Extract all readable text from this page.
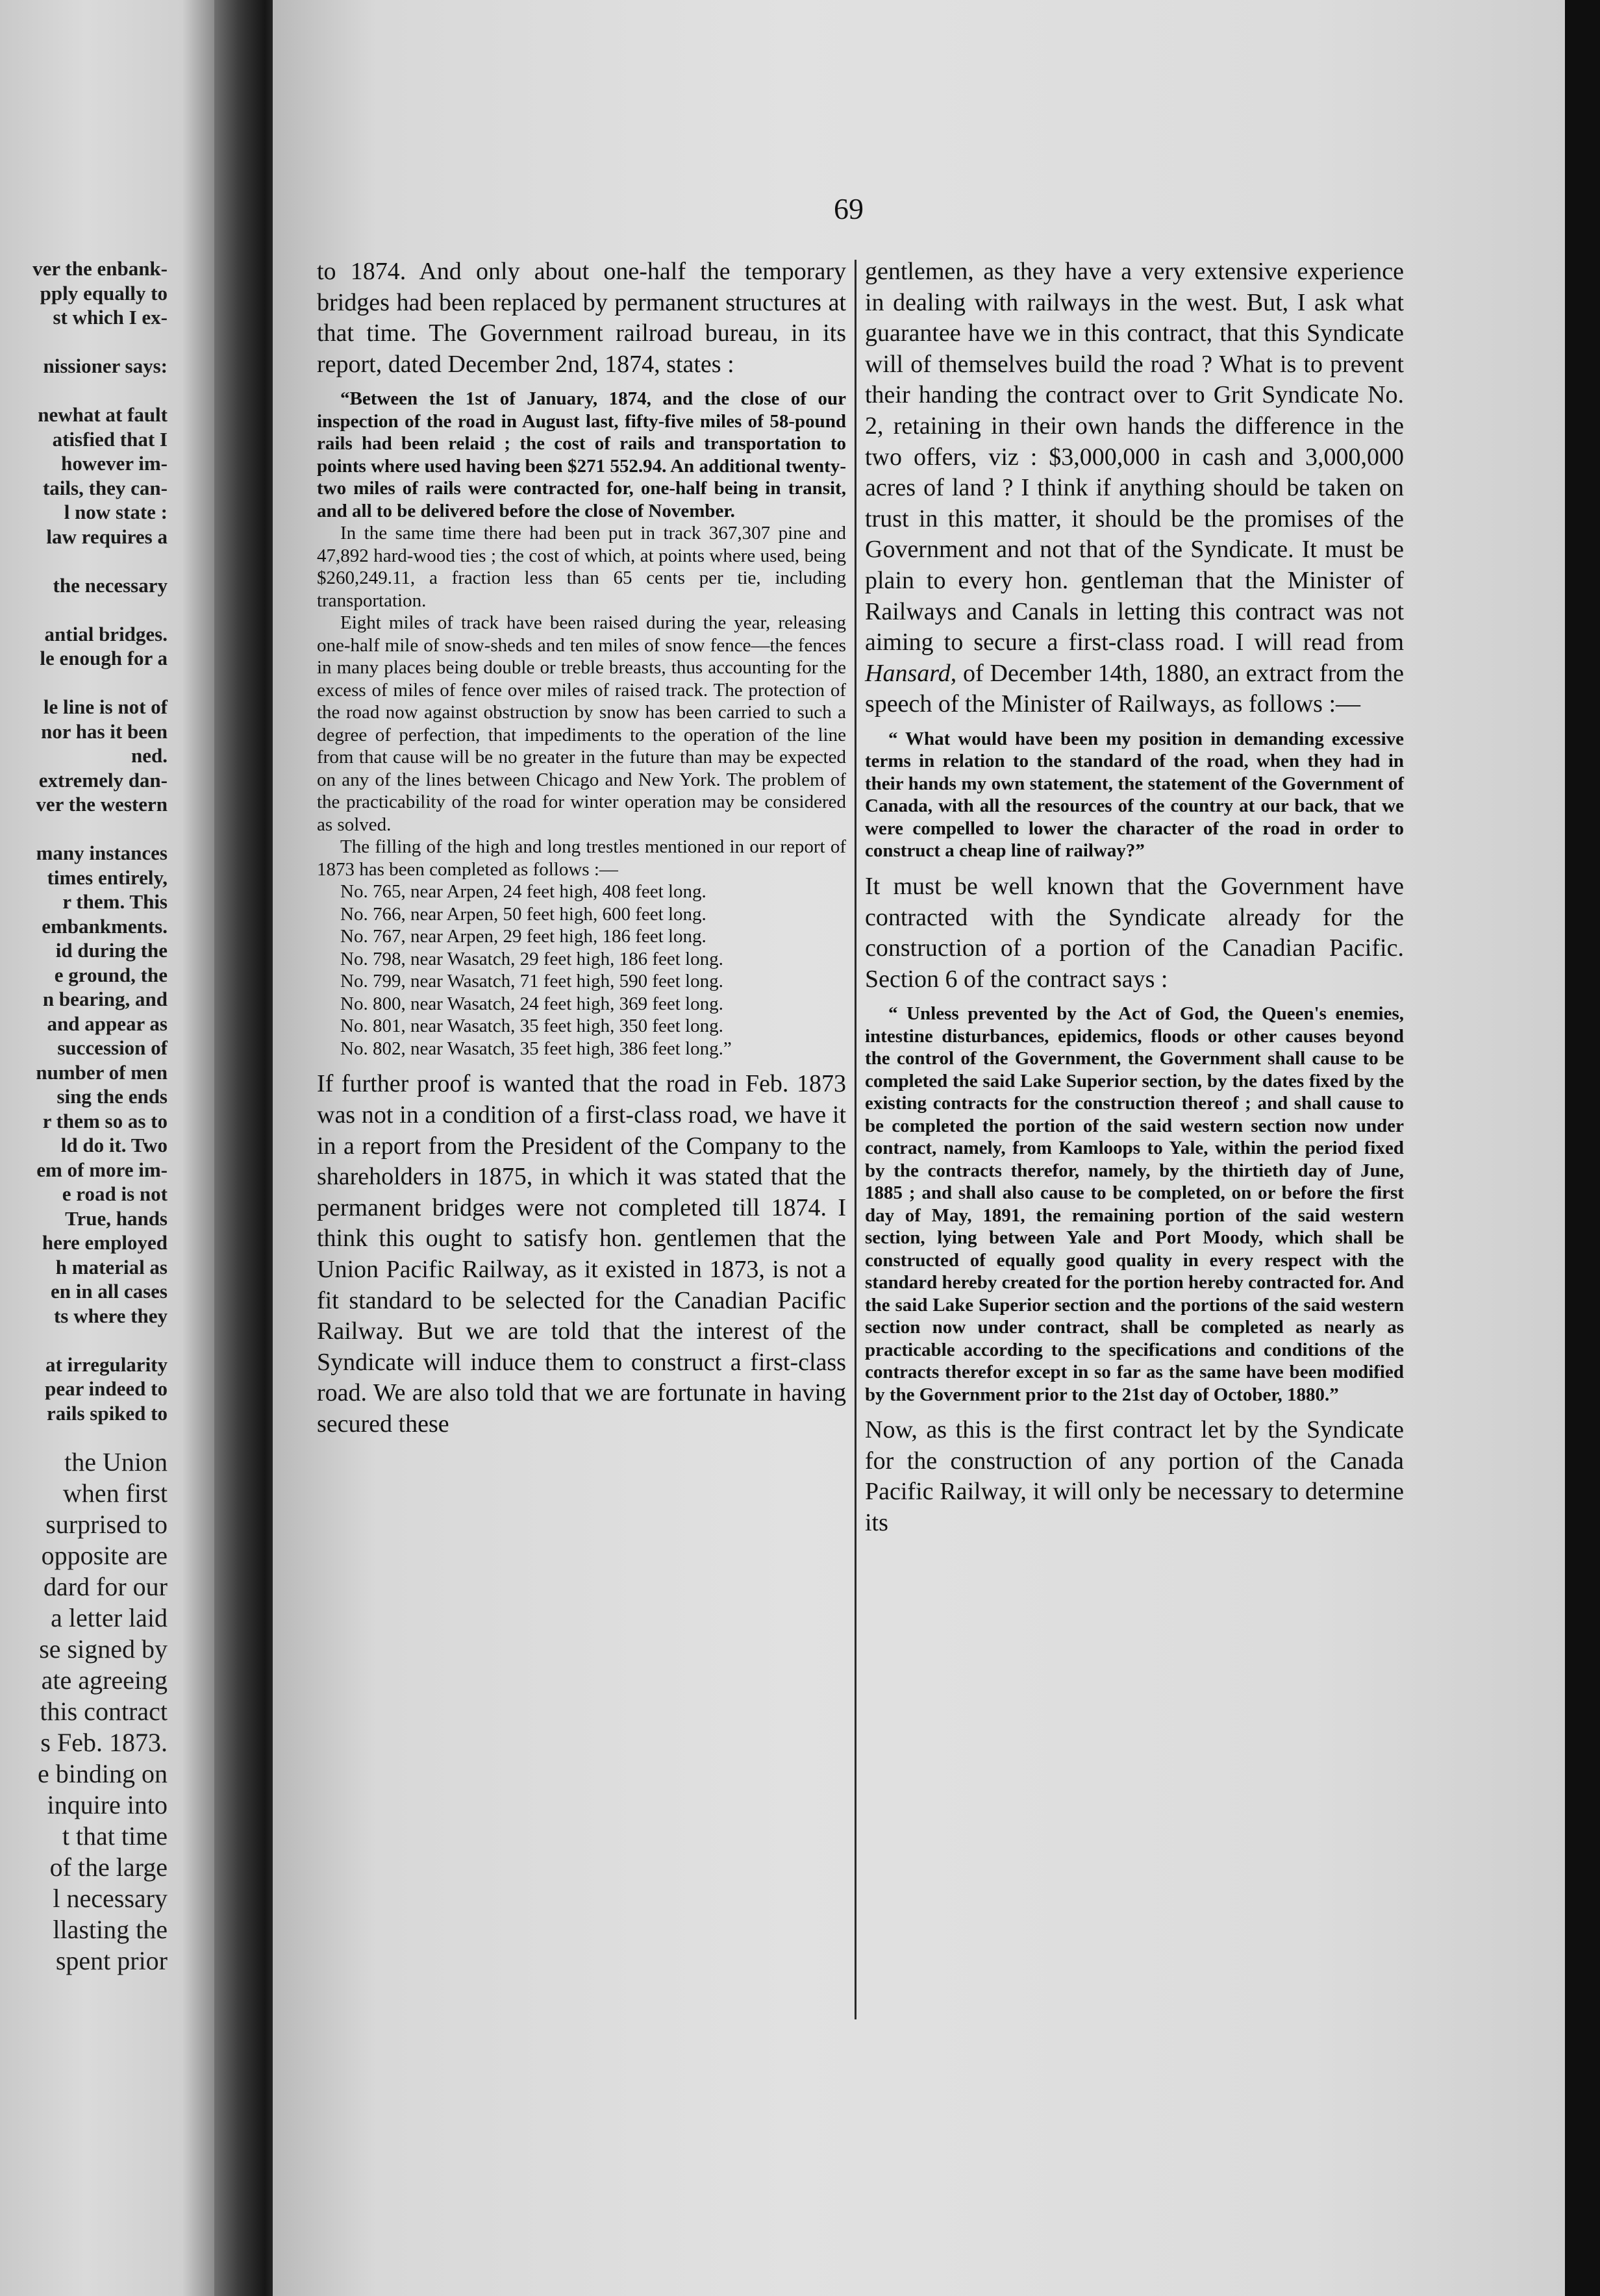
ver the enbank-
pply equally to
st which I ex-
nissioner says:
newhat at fault
atisfied that I
however im-
tails, they can-
l now state :
law requires a
the necessary
antial bridges.
le enough for a
le line is not of
nor has it been
ned.
extremely dan-
ver the western
many instances
times entirely,
r them. This
embankments.
id during the
e ground, the
n bearing, and
and appear as
succession of
number of men
sing the ends
r them so as to
ld do it. Two
em of more im-
e road is not
True, hands
here employed
h material as
en in all cases
ts where they
at irregularity
pear indeed to
rails spiked to
the Union
when first
surprised to
opposite are
dard for our
a letter laid
se signed by
ate agreeing
this contract
s Feb. 1873.
e binding on
inquire into
t that time
of the large
l necessary
llasting the
spent prior
69

to 1874. And only about one-half the temporary bridges had been replaced by permanent structures at that time. The Government railroad bureau, in its report, dated December 2nd, 1874, states :

“Between the 1st of January, 1874, and the close of our inspection of the road in August last, fifty-five miles of 58-pound rails had been relaid ; the cost of rails and transportation to points where used having been $271 552.94. An additional twenty-two miles of rails were contracted for, one-half being in transit, and all to be delivered before the close of November.

In the same time there had been put in track 367,307 pine and 47,892 hard-wood ties ; the cost of which, at points where used, being $260,249.11, a fraction less than 65 cents per tie, including transportation.

Eight miles of track have been raised during the year, releasing one-half mile of snow-sheds and ten miles of snow fence—the fences in many places being double or treble breasts, thus accounting for the excess of miles of fence over miles of raised track. The protection of the road now against obstruction by snow has been carried to such a degree of perfection, that impediments to the operation of the line from that cause will be no greater in the future than may be expected on any of the lines between Chicago and New York. The problem of the practicability of the road for winter operation may be considered as solved.

The filling of the high and long trestles mentioned in our report of 1873 has been completed as follows :—

No. 765, near Arpen, 24 feet high, 408 feet long.

No. 766, near Arpen, 50 feet high, 600 feet long.

No. 767, near Arpen, 29 feet high, 186 feet long.

No. 798, near Wasatch, 29 feet high, 186 feet long.

No. 799, near Wasatch, 71 feet high, 590 feet long.

No. 800, near Wasatch, 24 feet high, 369 feet long.

No. 801, near Wasatch, 35 feet high, 350 feet long.

No. 802, near Wasatch, 35 feet high, 386 feet long.”

If further proof is wanted that the road in Feb. 1873 was not in a condition of a first-class road, we have it in a report from the President of the Company to the shareholders in 1875, in which it was stated that the permanent bridges were not completed till 1874. I think this ought to satisfy hon. gentlemen that the Union Pacific Railway, as it existed in 1873, is not a fit standard to be selected for the Canadian Pacific Railway. But we are told that the interest of the Syndicate will induce them to construct a first-class road. We are also told that we are fortunate in having secured these

gentlemen, as they have a very extensive experience in dealing with railways in the west. But, I ask what guarantee have we in this contract, that this Syndicate will of themselves build the road ? What is to prevent their handing the contract over to Grit Syndicate No. 2, retaining in their own hands the difference in the two offers, viz : $3,000,000 in cash and 3,000,000 acres of land ? I think if anything should be taken on trust in this matter, it should be the promises of the Government and not that of the Syndicate. It must be plain to every hon. gentleman that the Minister of Railways and Canals in letting this contract was not aiming to secure a first-class road. I will read from Hansard, of December 14th, 1880, an extract from the speech of the Minister of Railways, as follows :—

“ What would have been my position in demanding excessive terms in relation to the standard of the road, when they had in their hands my own statement, the statement of the Government of Canada, with all the resources of the country at our back, that we were compelled to lower the character of the road in order to construct a cheap line of railway?”

It must be well known that the Government have contracted with the Syndicate already for the construction of a portion of the Canadian Pacific. Section 6 of the contract says :

“ Unless prevented by the Act of God, the Queen's enemies, intestine disturbances, epidemics, floods or other causes beyond the control of the Government, the Government shall cause to be completed the said Lake Superior section, by the dates fixed by the existing contracts for the construction thereof ; and shall cause to be completed the portion of the said western section now under contract, namely, from Kamloops to Yale, within the period fixed by the contracts therefor, namely, by the thirtieth day of June, 1885 ; and shall also cause to be completed, on or before the first day of May, 1891, the remaining portion of the said western section, lying between Yale and Port Moody, which shall be constructed of equally good quality in every respect with the standard hereby created for the portion hereby contracted for. And the said Lake Superior section and the portions of the said western section now under contract, shall be completed as nearly as practicable according to the specifications and conditions of the contracts therefor except in so far as the same have been modified by the Government prior to the 21st day of October, 1880.”

Now, as this is the first contract let by the Syndicate for the construction of any portion of the Canada Pacific Railway, it will only be necessary to determine its
